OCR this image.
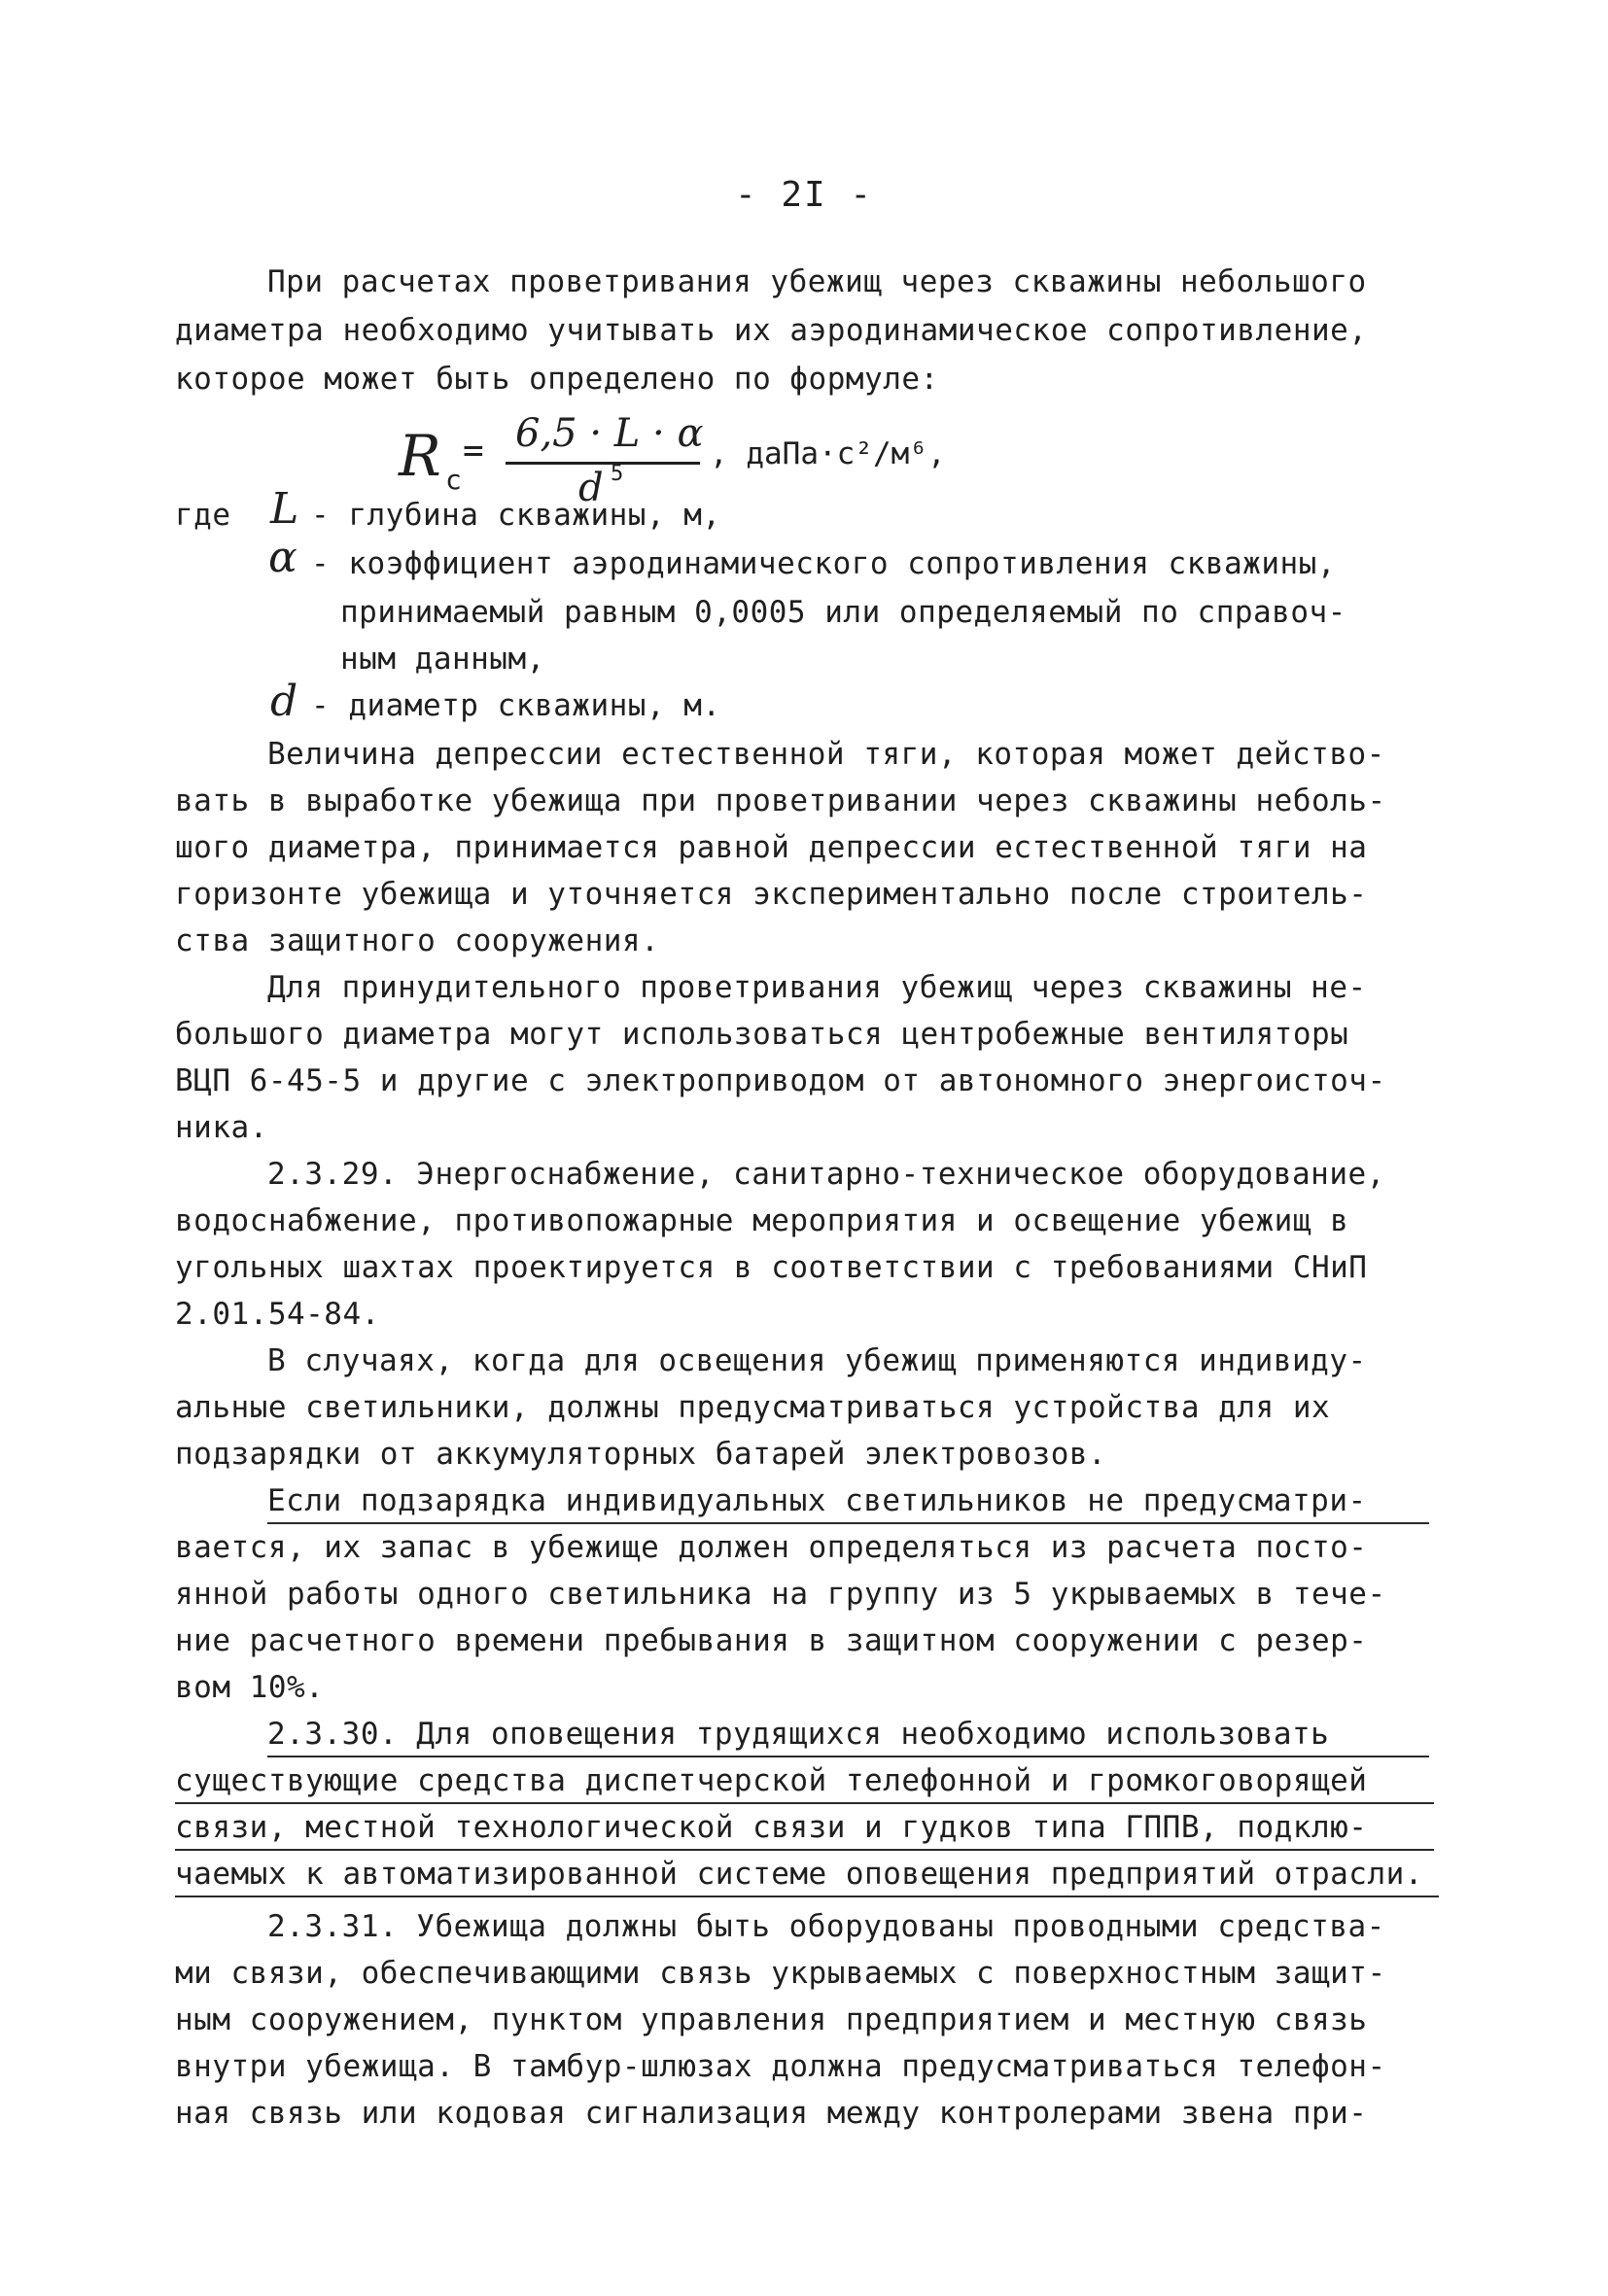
- 2I -
При расчетах проветривания убежищ через скважины небольшого
диаметра необходимо учитывать их аэродинамическое сопротивление,
которое может быть определено по формуле:
R c
= 6,5 · L · α
d 5
, даПа·с²/м⁶,
где L - глубина скважины, м,
α - коэффициент аэродинамического сопротивления скважины,
принимаемый равным 0,0005 или определяемый по справоч-
ным данным,
d - диаметр скважины, м.
Величина депрессии естественной тяги, которая может действо-
вать в выработке убежища при проветривании через скважины неболь-
шого диаметра, принимается равной депрессии естественной тяги на
горизонте убежища и уточняется экспериментально после строитель-
ства защитного сооружения.
Для принудительного проветривания убежищ через скважины не-
большого диаметра могут использоваться центробежные вентиляторы
ВЦП 6-45-5 и другие с электроприводом от автономного энергоисточ-
ника.
2.3.29. Энергоснабжение, санитарно-техническое оборудование,
водоснабжение, противопожарные мероприятия и освещение убежищ в
угольных шахтах проектируется в соответствии с требованиями СНиП
2.01.54-84.
В случаях, когда для освещения убежищ применяются индивиду-
альные светильники, должны предусматриваться устройства для их
подзарядки от аккумуляторных батарей электровозов.
Если подзарядка индивидуальных светильников не предусматри-
вается, их запас в убежище должен определяться из расчета посто-
янной работы одного светильника на группу из 5 укрываемых в тече-
ние расчетного времени пребывания в защитном сооружении с резер-
вом 10%.
2.3.30. Для оповещения трудящихся необходимо использовать
существующие средства диспетчерской телефонной и громкоговорящей
связи, местной технологической связи и гудков типа ГППВ, подклю-
чаемых к автоматизированной системе оповещения предприятий отрасли.
2.3.31. Убежища должны быть оборудованы проводными средства-
ми связи, обеспечивающими связь укрываемых с поверхностным защит-
ным сооружением, пунктом управления предприятием и местную связь
внутри убежища. В тамбур-шлюзах должна предусматриваться телефон-
ная связь или кодовая сигнализация между контролерами звена при-
